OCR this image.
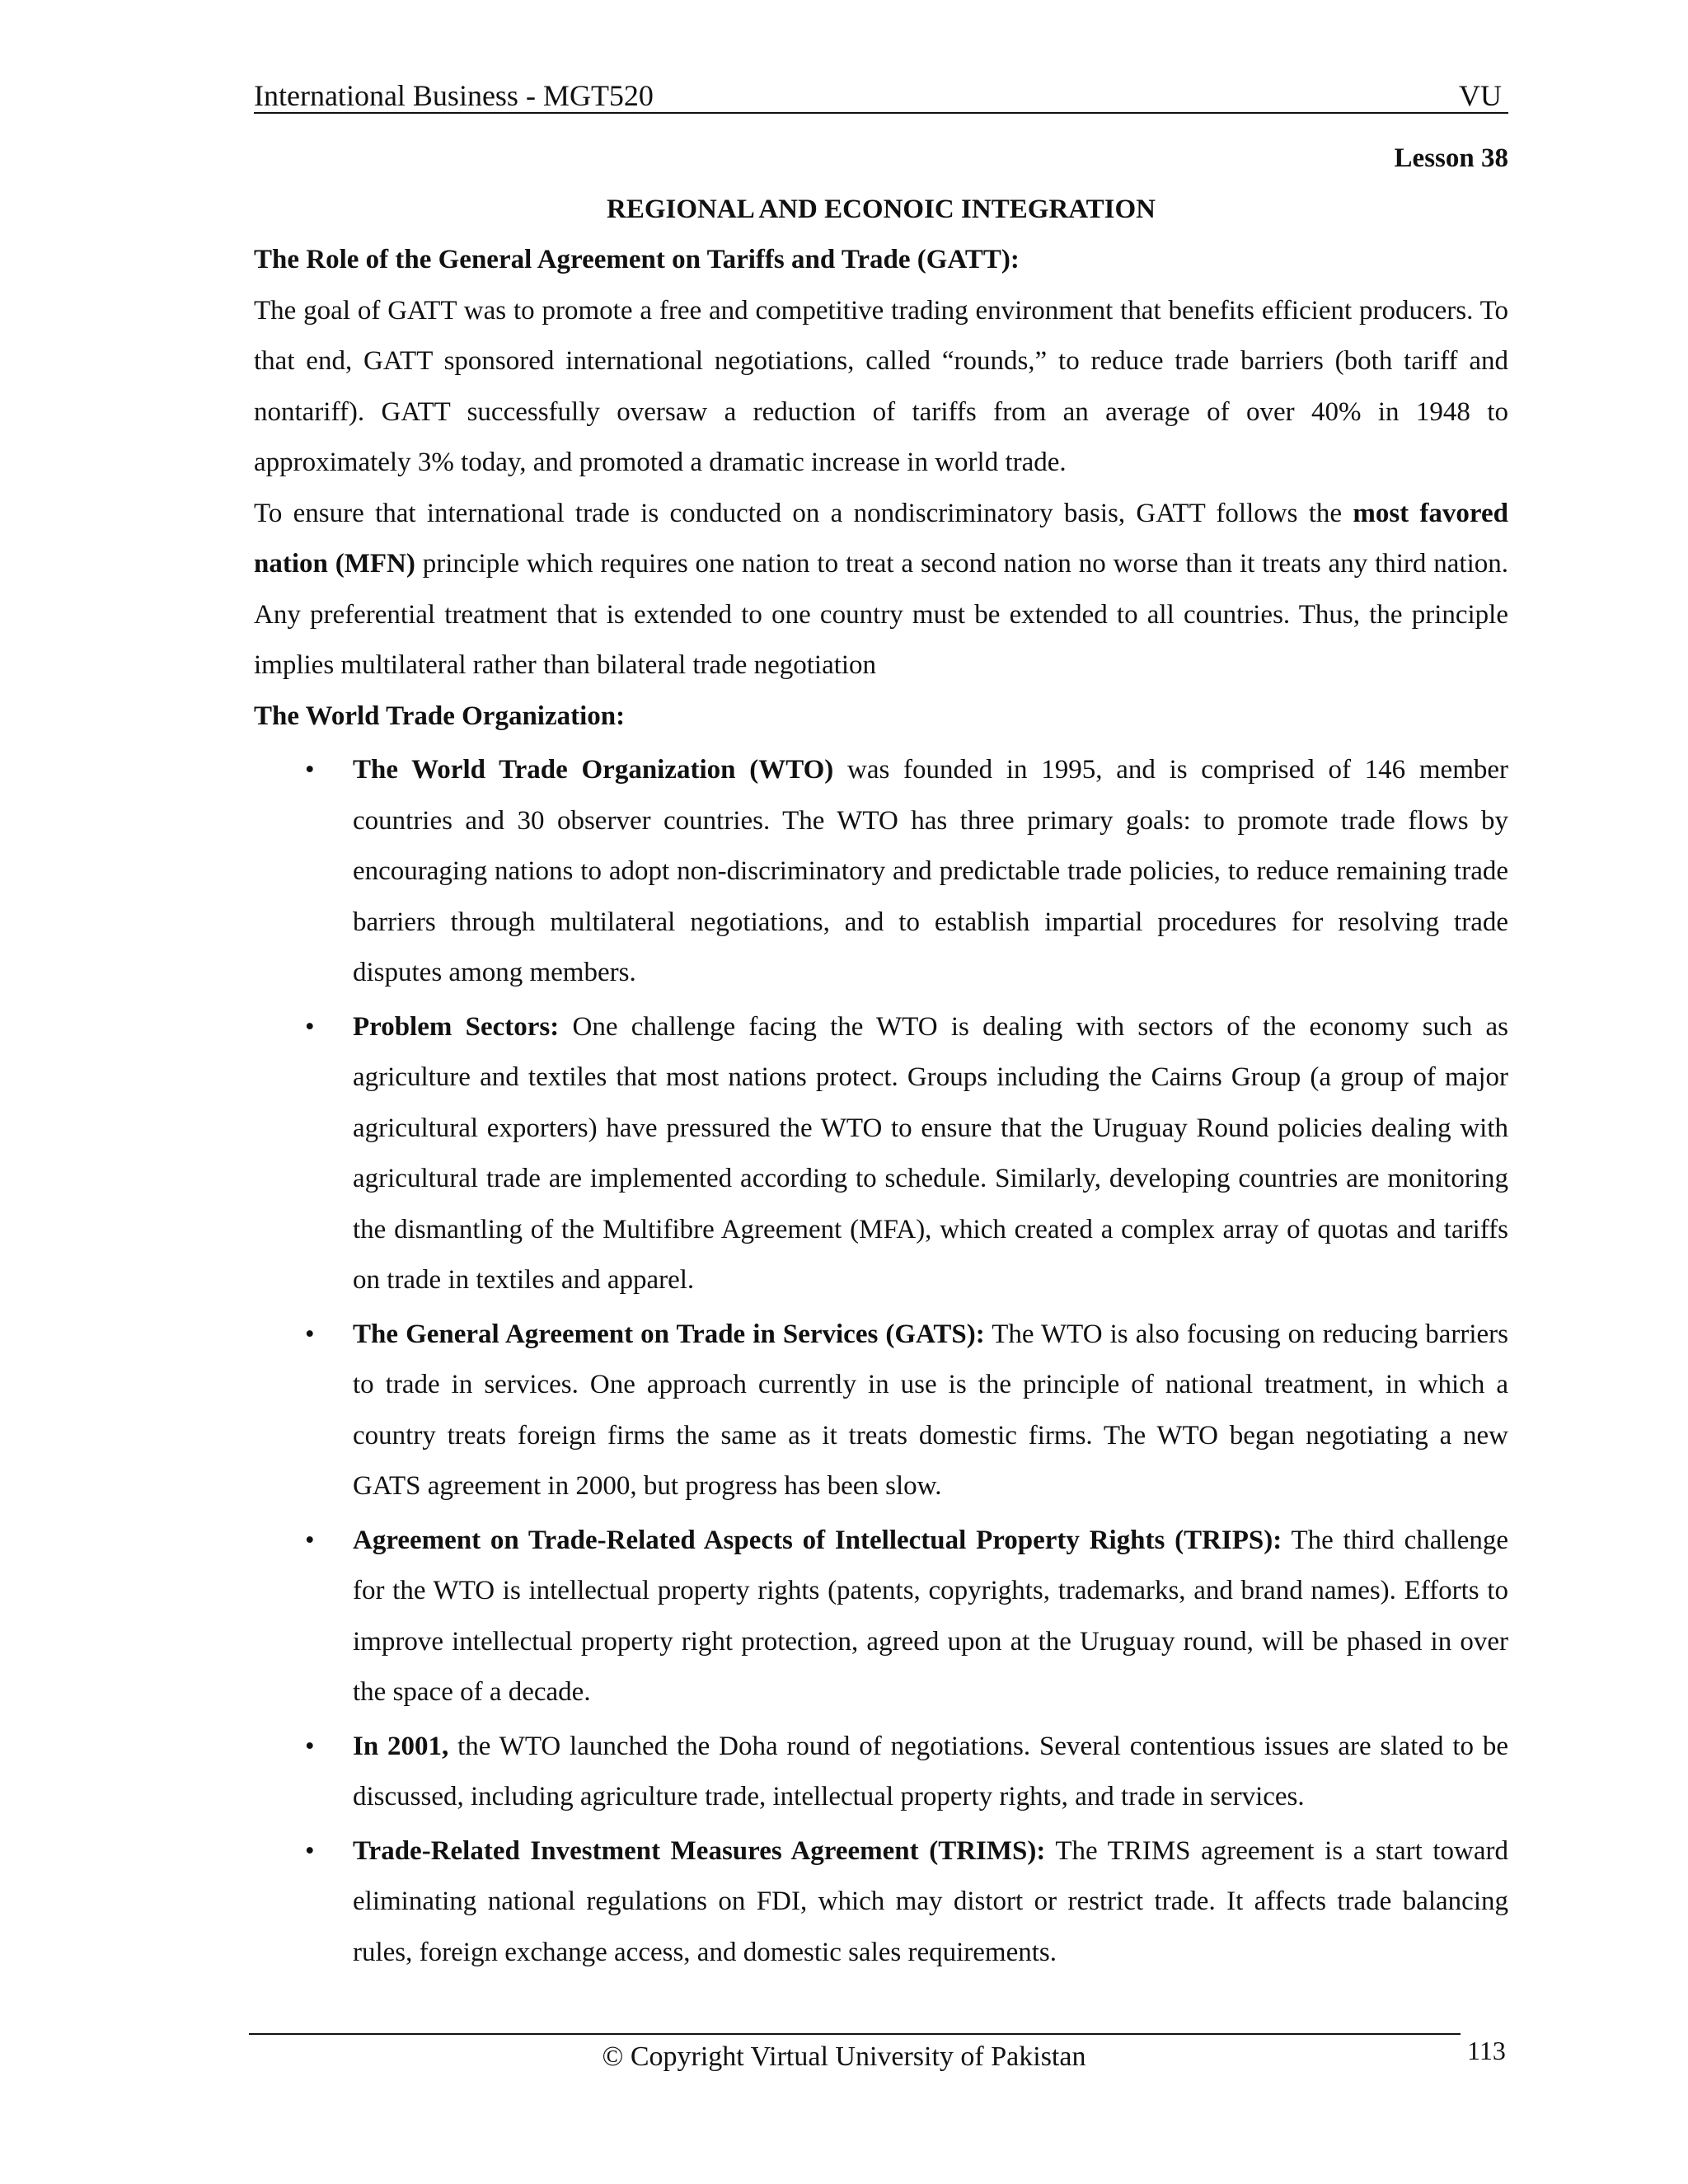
International Business - MGT520	VU
Lesson 38
REGIONAL AND ECONOIC INTEGRATION
The Role of the General Agreement on Tariffs and Trade (GATT):

The goal of GATT was to promote a free and competitive trading environment that benefits efficient producers. To that end, GATT sponsored international negotiations, called “rounds,” to reduce trade barriers (both tariff and nontariff). GATT successfully oversaw a reduction of tariffs from an average of over 40% in 1948 to approximately 3% today, and promoted a dramatic increase in world trade.

To ensure that international trade is conducted on a nondiscriminatory basis, GATT follows the most favored nation (MFN) principle which requires one nation to treat a second nation no worse than it treats any third nation. Any preferential treatment that is extended to one country must be extended to all countries. Thus, the principle implies multilateral rather than bilateral trade negotiation

The World Trade Organization:
• The World Trade Organization (WTO) was founded in 1995, and is comprised of 146 member countries and 30 observer countries. The WTO has three primary goals: to promote trade flows by encouraging nations to adopt non-discriminatory and predictable trade policies, to reduce remaining trade barriers through multilateral negotiations, and to establish impartial procedures for resolving trade disputes among members.
• Problem Sectors: One challenge facing the WTO is dealing with sectors of the economy such as agriculture and textiles that most nations protect. Groups including the Cairns Group (a group of major agricultural exporters) have pressured the WTO to ensure that the Uruguay Round policies dealing with agricultural trade are implemented according to schedule. Similarly, developing countries are monitoring the dismantling of the Multifibre Agreement (MFA), which created a complex array of quotas and tariffs on trade in textiles and apparel.
• The General Agreement on Trade in Services (GATS): The WTO is also focusing on reducing barriers to trade in services. One approach currently in use is the principle of national treatment, in which a country treats foreign firms the same as it treats domestic firms. The WTO began negotiating a new GATS agreement in 2000, but progress has been slow.
• Agreement on Trade-Related Aspects of Intellectual Property Rights (TRIPS): The third challenge for the WTO is intellectual property rights (patents, copyrights, trademarks, and brand names). Efforts to improve intellectual property right protection, agreed upon at the Uruguay round, will be phased in over the space of a decade.
• In 2001, the WTO launched the Doha round of negotiations. Several contentious issues are slated to be discussed, including agriculture trade, intellectual property rights, and trade in services.
• Trade-Related Investment Measures Agreement (TRIMS): The TRIMS agreement is a start toward eliminating national regulations on FDI, which may distort or restrict trade. It affects trade balancing rules, foreign exchange access, and domestic sales requirements.
© Copyright Virtual University of Pakistan	113
